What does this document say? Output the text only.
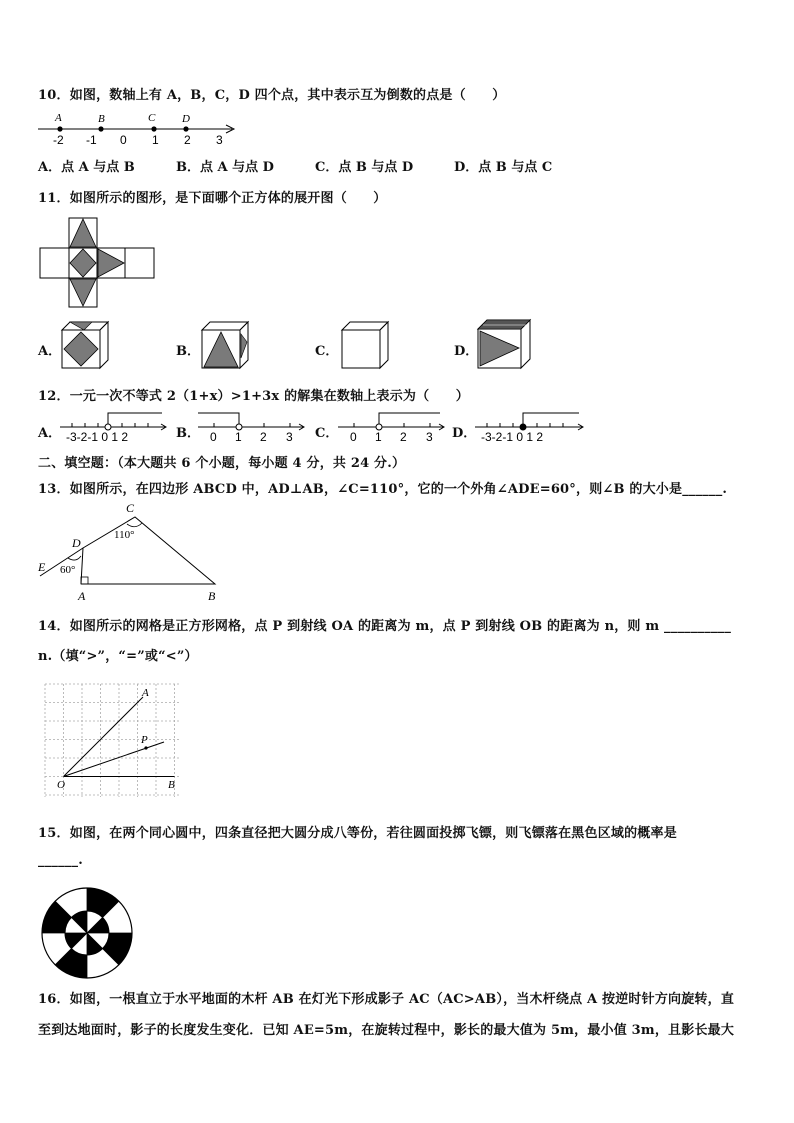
10．如图，数轴上有 A，B，C，D 四个点，其中表示互为倒数的点是（　　）
A	B	C D
-2 -1 0 1 2 3
A．点 A 与点 B	B．点 A 与点 D	C．点 B 与点 D	D．点 B 与点 C
11．如图所示的图形，是下面哪个正方体的展开图（　　）
A．	B．	C．	D．
12．一元一次不等式 2（1+x）>1+3x 的解集在数轴上表示为（　　）
A． -3-2-1 0 1 2	B． 0 1 2 3 C． 0 1 2 3 D． -3-2-1 0 1 2
二、填空题：（本大题共 6 个小题，每小题 4 分，共 24 分.）
13．如图所示，在四边形 ABCD 中，AD⊥AB，∠C=110°，它的一个外角∠ADE=60°，则∠B 的大小是______.
C
D
E
A	B
110°
60°
14．如图所示的网格是正方形网格，点 P 到射线 OA 的距离为 m，点 P 到射线 OB 的距离为 n，则 m __________
n.（填“>”，“=”或“<”）
A
P
O	B
15．如图，在两个同心圆中，四条直径把大圆分成八等份，若往圆面投掷飞镖，则飞镖落在黑色区域的概率是
______.
16．如图，一根直立于水平地面的木杆 AB 在灯光下形成影子 AC（AC>AB），当木杆绕点 A 按逆时针方向旋转，直
至到达地面时，影子的长度发生变化．已知 AE=5m，在旋转过程中，影长的最大值为 5m，最小值 3m，且影长最大
